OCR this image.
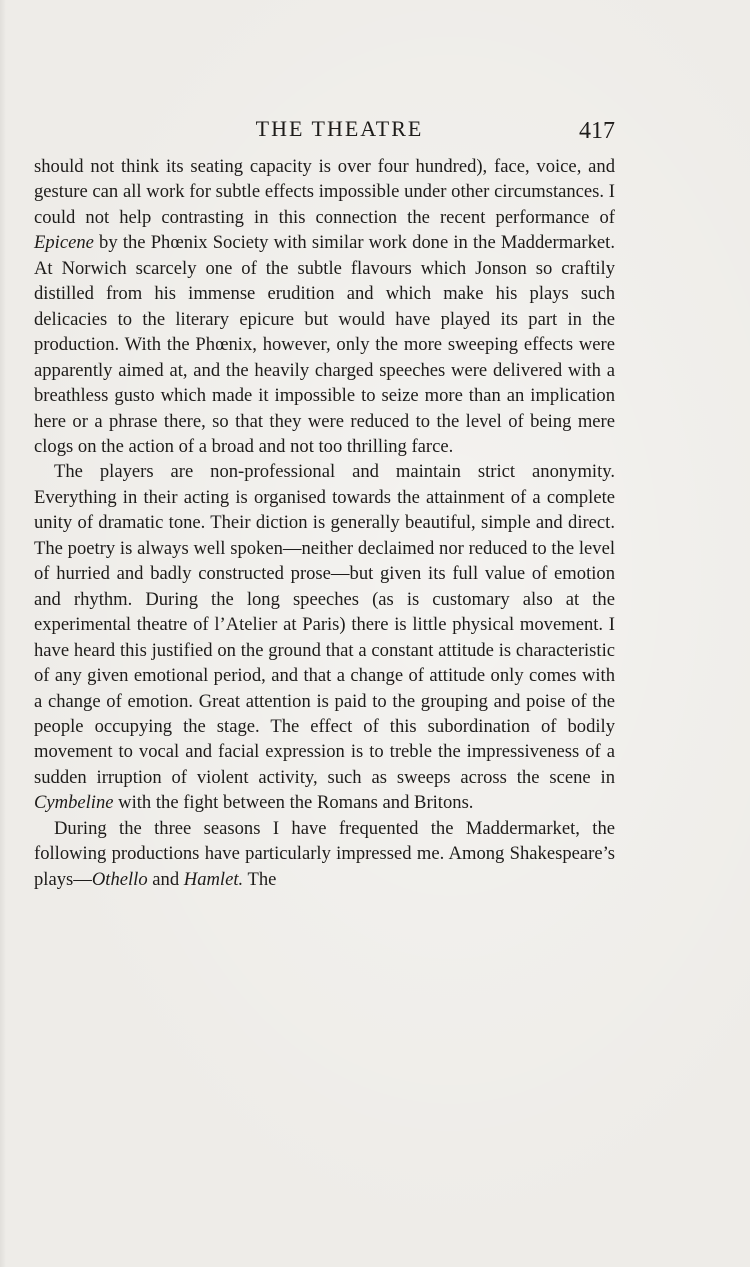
THE THEATRE	417

should not think its seating capacity is over four hundred), face, voice, and gesture can all work for subtle effects impossible under other circumstances. I could not help contrasting in this connection the recent performance of Epicene by the Phœnix Society with similar work done in the Maddermarket. At Norwich scarcely one of the subtle flavours which Jonson so craftily distilled from his immense erudition and which make his plays such delicacies to the literary epicure but would have played its part in the production. With the Phœnix, however, only the more sweeping effects were apparently aimed at, and the heavily charged speeches were delivered with a breathless gusto which made it impossible to seize more than an implication here or a phrase there, so that they were reduced to the level of being mere clogs on the action of a broad and not too thrilling farce.

The players are non-professional and maintain strict anonymity. Everything in their acting is organised towards the attainment of a complete unity of dramatic tone. Their diction is generally beautiful, simple and direct. The poetry is always well spoken—neither declaimed nor reduced to the level of hurried and badly constructed prose—but given its full value of emotion and rhythm. During the long speeches (as is customary also at the experimental theatre of l’Atelier at Paris) there is little physical movement. I have heard this justified on the ground that a constant attitude is characteristic of any given emotional period, and that a change of attitude only comes with a change of emotion. Great attention is paid to the grouping and poise of the people occupying the stage. The effect of this subordination of bodily movement to vocal and facial expression is to treble the impressiveness of a sudden irruption of violent activity, such as sweeps across the scene in Cymbeline with the fight between the Romans and Britons.

During the three seasons I have frequented the Maddermarket, the following productions have particularly impressed me. Among Shakespeare’s plays—Othello and Hamlet. The
